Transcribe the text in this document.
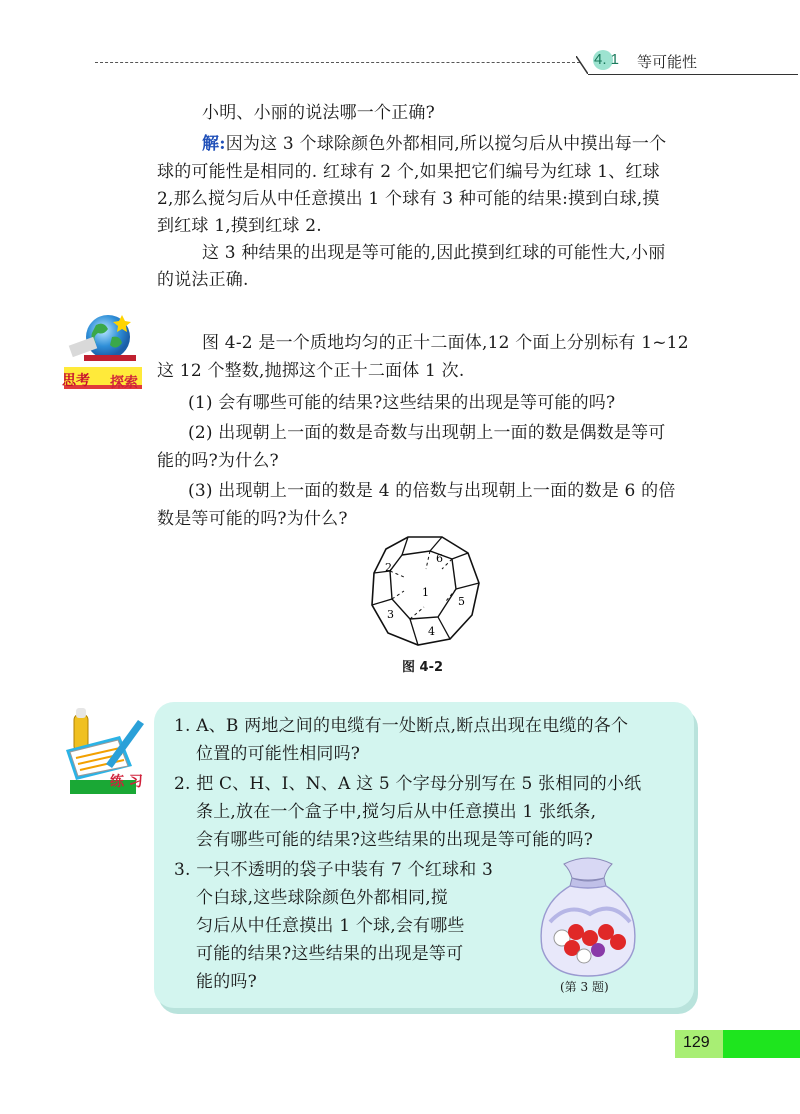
4. 1 等可能性

小明、小丽的说法哪一个正确?

解:因为这 3 个球除颜色外都相同,所以搅匀后从中摸出每一个

球的可能性是相同的. 红球有 2 个,如果把它们编号为红球 1、红球

2,那么搅匀后从中任意摸出 1 个球有 3 种可能的结果:摸到白球,摸

到红球 1,摸到红球 2.

这 3 种结果的出现是等可能的,因此摸到红球的可能性大,小丽

的说法正确.

思考 探索

图 4-2 是一个质地均匀的正十二面体,12 个面上分别标有 1~12

这 12 个整数,抛掷这个正十二面体 1 次.

(1) 会有哪些可能的结果?这些结果的出现是等可能的吗?

(2) 出现朝上一面的数是奇数与出现朝上一面的数是偶数是等可

能的吗?为什么?

(3) 出现朝上一面的数是 4 的倍数与出现朝上一面的数是 6 的倍

数是等可能的吗?为什么?

1
2
3
4
5
6
图 4-2
练 习

1. A、B 两地之间的电缆有一处断点,断点出现在电缆的各个

位置的可能性相同吗?

2. 把 C、H、I、N、A 这 5 个字母分别写在 5 张相同的小纸

条上,放在一个盒子中,搅匀后从中任意摸出 1 张纸条,

会有哪些可能的结果?这些结果的出现是等可能的吗?

3. 一只不透明的袋子中装有 7 个红球和 3

个白球,这些球除颜色外都相同,搅

匀后从中任意摸出 1 个球,会有哪些

可能的结果?这些结果的出现是等可

能的吗?	(第 3 题)
129
